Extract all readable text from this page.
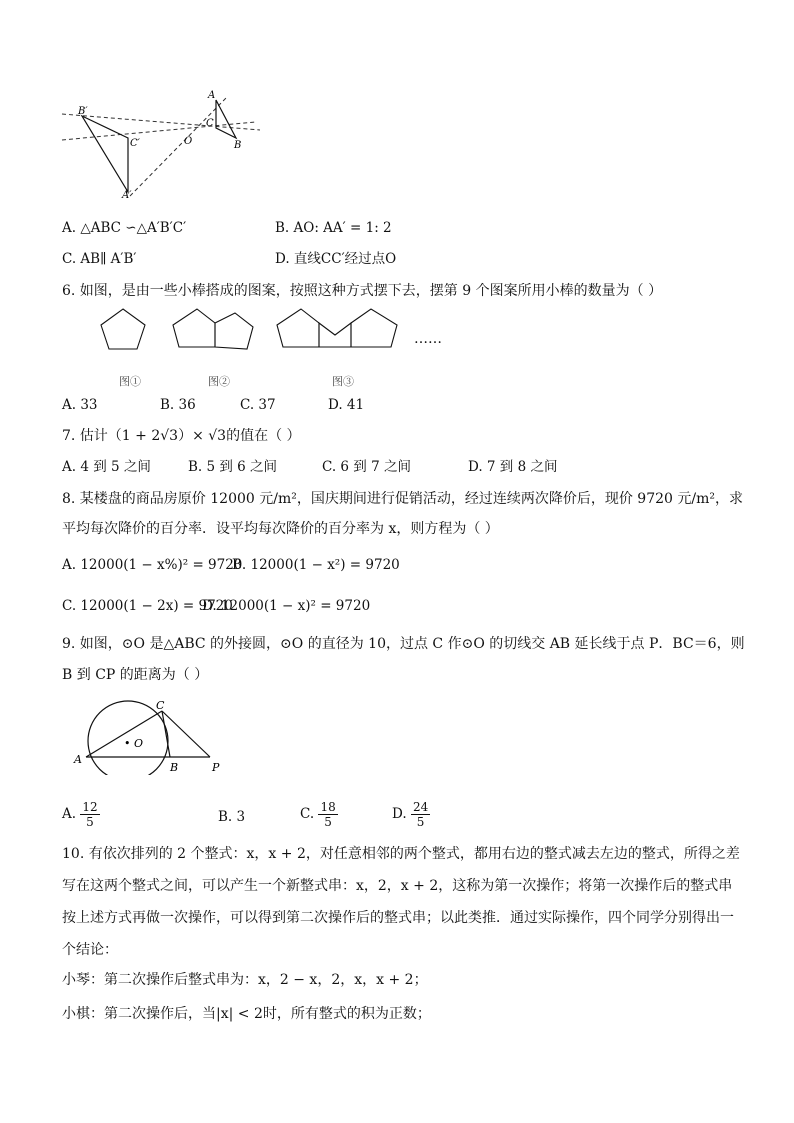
B′
C′
A′
O
A
C
B
A. △ABC ∽△A′B′C′	B. AO: AA′ = 1: 2
C. AB∥ A′B′	D. 直线CC′经过点O
6. 如图，是由一些小棒搭成的图案，按照这种方式摆下去，摆第 9 个图案所用小棒的数量为（ ）
……
图①	图②	图③
A. 33	B. 36	C. 37	D. 41
7. 估计（1 + 2√3）× √3的值在（ ）
A. 4 到 5 之间	B. 5 到 6 之间	C. 6 到 7 之间	D. 7 到 8 之间
8. 某楼盘的商品房原价 12000 元/m²，国庆期间进行促销活动，经过连续两次降价后，现价 9720 元/m²，求
平均每次降价的百分率．设平均每次降价的百分率为 x，则方程为（ ）
A. 12000(1 − x%)² = 9720
B. 12000(1 − x²) = 9720
C. 12000(1 − 2x) = 9720
D. 12000(1 − x)² = 9720
9. 如图，⊙O 是△ABC 的外接圆，⊙O 的直径为 10，过点 C 作⊙O 的切线交 AB 延长线于点 P．BC＝6，则
B 到 CP 的距离为（ ）
A
B
C
• O
P
A. $\frac{12}{5}$	B. 3	C. $\frac{18}{5}$	D. $\frac{24}{5}$
10. 有依次排列的 2 个整式：x，x + 2，对任意相邻的两个整式，都用右边的整式减去左边的整式，所得之差
写在这两个整式之间，可以产生一个新整式串：x，2，x + 2，这称为第一次操作；将第一次操作后的整式串
按上述方式再做一次操作，可以得到第二次操作后的整式串；以此类推．通过实际操作，四个同学分别得出一
个结论：
小琴：第二次操作后整式串为：x，2 − x，2，x，x + 2；
小棋：第二次操作后，当|x| < 2时，所有整式的积为正数；
